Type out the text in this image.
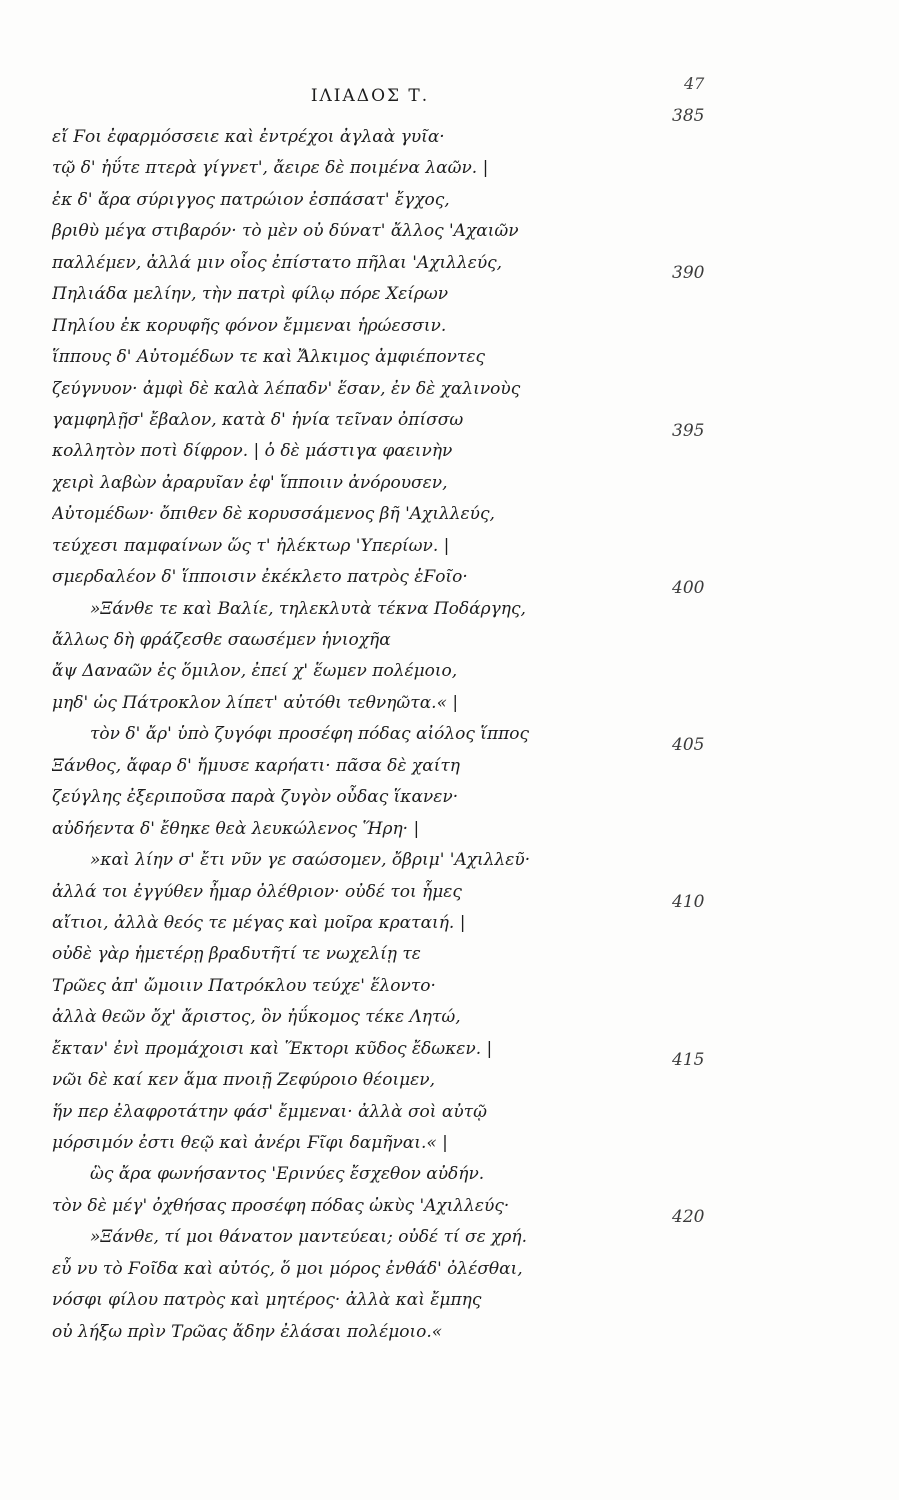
ΙΛΙΑΔΟΣ Τ.
47
εἴ Ϝοι ἐφαρμόσσειε καὶ ἐντρέχοι ἀγλαὰ γυῖα·
τῷ δ' ἠΰτε πτερὰ γίγνετ', ἄειρε δὲ ποιμένα λαῶν. |
ἐκ δ' ἄρα σύριγγος πατρώιον ἐσπάσατ' ἔγχος,
βριθὺ μέγα στιβαρόν· τὸ μὲν οὐ δύνατ' ἄλλος 'Αχαιῶν
παλλέμεν, ἀλλά μιν οἶος ἐπίστατο πῆλαι 'Αχιλλεύς,
Πηλιάδα μελίην, τὴν πατρὶ φίλῳ πόρε Χείρων
Πηλίου ἐκ κορυφῆς φόνον ἔμμεναι ἡρώεσσιν.
ἵππους δ' Αὐτομέδων τε καὶ Ἄλκιμος ἀμφιέποντες
ζεύγνυον· ἀμφὶ δὲ καλὰ λέπαδν' ἕσαν, ἐν δὲ χαλινοὺς
γαμφηλῇσ' ἔβαλον, κατὰ δ' ἡνία τεῖναν ὀπίσσω
κολλητὸν ποτὶ δίφρον. | ὁ δὲ μάστιγα φαεινὴν
χειρὶ λαβὼν ἀραρυῖαν ἐφ' ἵπποιιν ἀνόρουσεν,
Αὐτομέδων· ὄπιθεν δὲ κορυσσάμενος βῆ 'Αχιλλεύς,
τεύχεσι παμφαίνων ὥς τ' ἠλέκτωρ 'Υπερίων. |
σμερδαλέον δ' ἵπποισιν ἐκέκλετο πατρὸς ἑϜοῖο·
»Ξάνθε τε καὶ Βαλίε, τηλεκλυτὰ τέκνα Ποδάργης,
ἄλλως δὴ φράζεσθε σαωσέμεν ἡνιοχῆα
ἄψ Δαναῶν ἐς ὅμιλον, ἐπεί χ' ἕωμεν πολέμοιο,
μηδ' ὡς Πάτροκλον λίπετ' αὐτόθι τεθνηῶτα.« |
τὸν δ' ἄρ' ὑπὸ ζυγόφι προσέφη πόδας αἰόλος ἵππος
Ξάνθος, ἄφαρ δ' ἤμυσε καρήατι· πᾶσα δὲ χαίτη
ζεύγλης ἐξεριποῦσα παρὰ ζυγὸν οὖδας ἵκανεν·
αὐδήεντα δ' ἔθηκε θεὰ λευκώλενος Ἥρη· |
»καὶ λίην σ' ἔτι νῦν γε σαώσομεν, ὄβριμ' 'Αχιλλεῦ·
ἀλλά τοι ἐγγύθεν ἦμαρ ὀλέθριον· οὐδέ τοι ἧμες
αἴτιοι, ἀλλὰ θεός τε μέγας καὶ μοῖρα κραταιή. |
οὐδὲ γὰρ ἡμετέρῃ βραδυτῆτί τε νωχελίῃ τε
Τρῶες ἀπ' ὤμοιιν Πατρόκλου τεύχε' ἕλοντο·
ἀλλὰ θεῶν ὄχ' ἄριστος, ὃν ἠΰκομος τέκε Λητώ,
ἔκταν' ἐνὶ προμάχοισι καὶ Ἕκτορι κῦδος ἔδωκεν. |
νῶι δὲ καί κεν ἅμα πνοιῇ Ζεφύροιο θέοιμεν,
ἥν περ ἐλαφροτάτην φάσ' ἔμμεναι· ἀλλὰ σοὶ αὐτῷ
μόρσιμόν ἐστι θεῷ καὶ ἀνέρι Ϝῖφι δαμῆναι.« |
ὣς ἄρα φωνήσαντος 'Ερινύες ἔσχεθον αὐδήν.
τὸν δὲ μέγ' ὀχθήσας προσέφη πόδας ὠκὺς 'Αχιλλεύς·
»Ξάνθε, τί μοι θάνατον μαντεύεαι; οὐδέ τί σε χρή.
εὖ νυ τὸ Ϝοῖδα καὶ αὐτός, ὅ μοι μόρος ἐνθάδ' ὀλέσθαι,
νόσφι φίλου πατρὸς καὶ μητέρος· ἀλλὰ καὶ ἔμπης
οὐ λήξω πρὶν Τρῶας ἄδην ἐλάσαι πολέμοιο.«
385
390
395
400
405
410
415
420
